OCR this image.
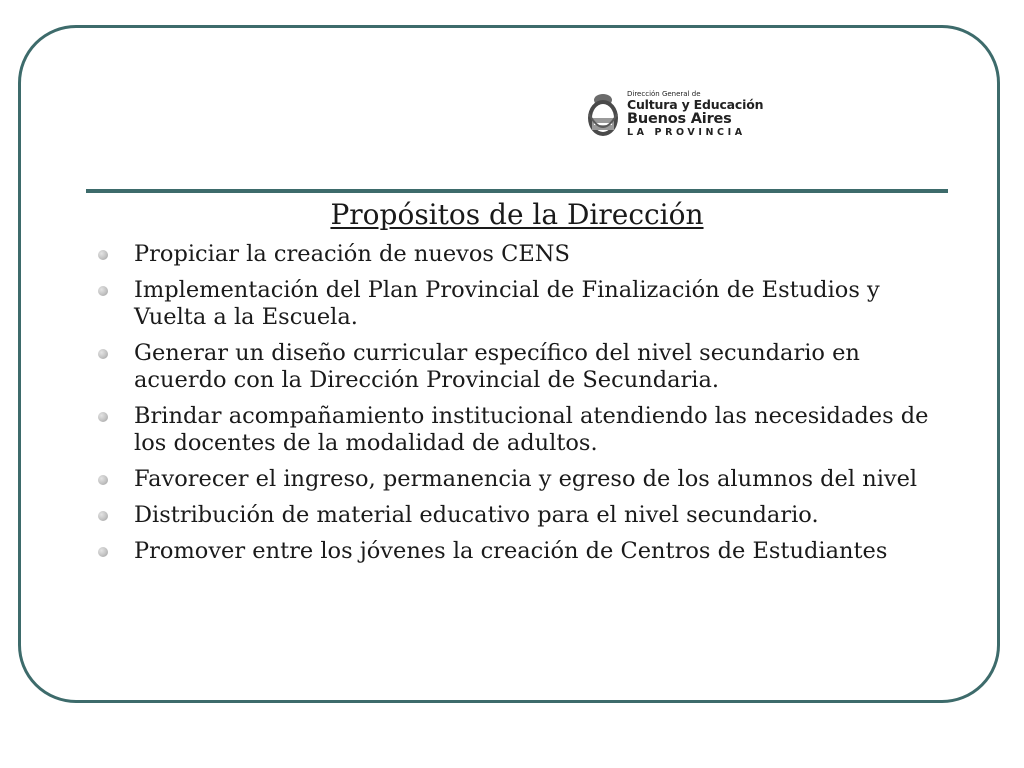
Dirección General de
Cultura y Educación
Buenos Aires
LA PROVINCIA
Propósitos de la Dirección
Propiciar la creación de nuevos CENS
Implementación del Plan Provincial de Finalización de Estudios y Vuelta a la Escuela.
Generar un diseño curricular específico del nivel secundario en acuerdo con la Dirección Provincial de Secundaria.
Brindar acompañamiento institucional atendiendo las necesidades de los docentes de la modalidad de adultos.
Favorecer el ingreso, permanencia y egreso de los alumnos del nivel
Distribución de material educativo para el nivel secundario.
Promover entre los jóvenes la creación de Centros de Estudiantes
